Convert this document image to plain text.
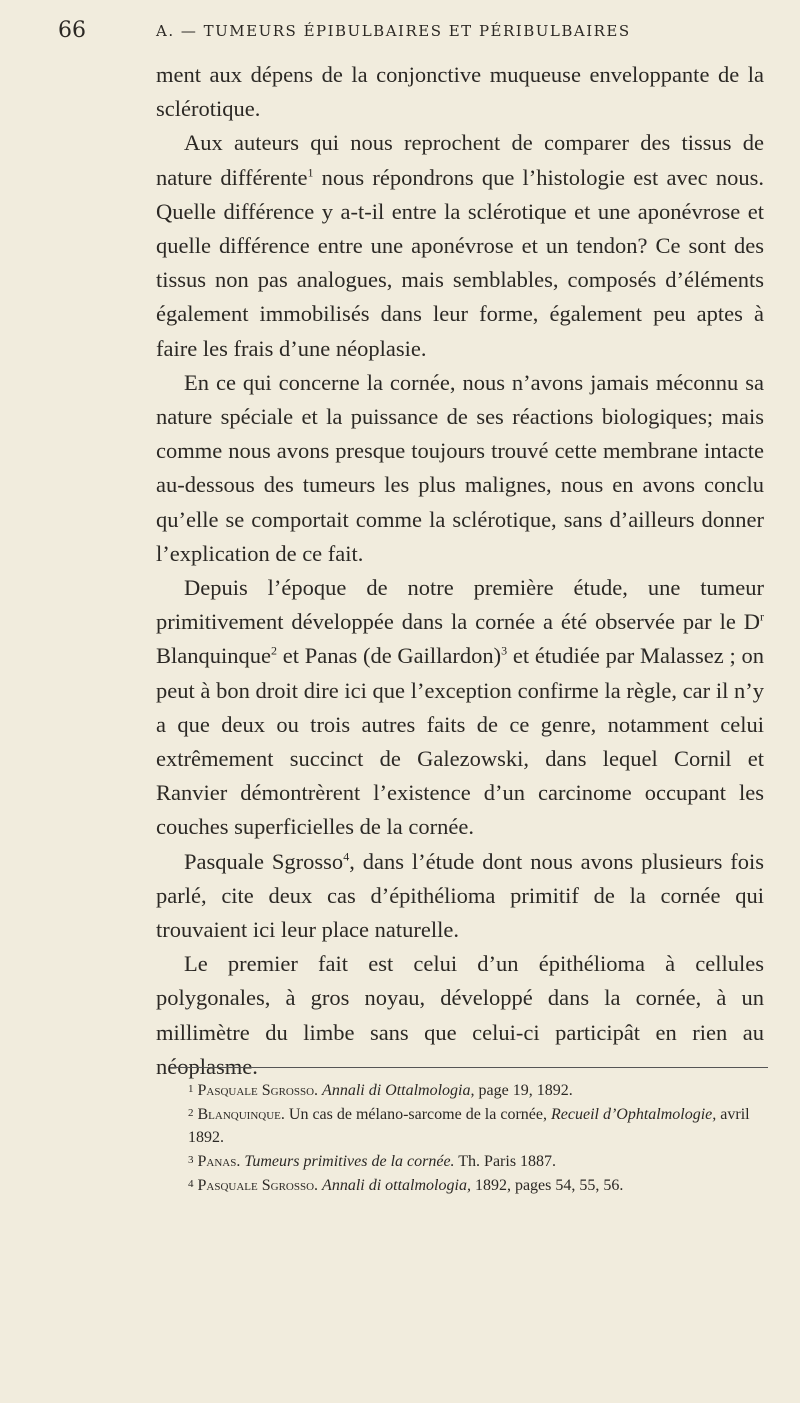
66	A. — TUMEURS ÉPIBULBAIRES ET PÉRIBULBAIRES

ment aux dépens de la conjonctive muqueuse enveloppante de la sclérotique.

Aux auteurs qui nous reprochent de comparer des tissus de nature différente$^1$ nous répondrons que l’histologie est avec nous. Quelle différence y a-t-il entre la sclérotique et une aponévrose et quelle différence entre une aponévrose et un tendon? Ce sont des tissus non pas analogues, mais semblables, composés d’éléments également immobilisés dans leur forme, également peu aptes à faire les frais d’une néoplasie.

En ce qui concerne la cornée, nous n’avons jamais méconnu sa nature spéciale et la puissance de ses réactions biologiques; mais comme nous avons presque toujours trouvé cette membrane intacte au-dessous des tumeurs les plus malignes, nous en avons conclu qu’elle se comportait comme la sclérotique, sans d’ailleurs donner l’explication de ce fait.

Depuis l’époque de notre première étude, une tumeur primitivement développée dans la cornée a été observée par le $D^r$ Blanquinque$^2$ et Panas (de Gaillardon)$^3$ et étudiée par Malassez ; on peut à bon droit dire ici que l’exception confirme la règle, car il n’y a que deux ou trois autres faits de ce genre, notamment celui extrêmement succinct de Galezowski, dans lequel Cornil et Ranvier démontrèrent l’existence d’un carcinome occupant les couches superficielles de la cornée.

Pasquale Sgrosso$^4$, dans l’étude dont nous avons plusieurs fois parlé, cite deux cas d’épithélioma primitif de la cornée qui trouvaient ici leur place naturelle.

Le premier fait est celui d’un épithélioma à cellules polygonales, à gros noyau, développé dans la cornée, à un millimètre du limbe sans que celui-ci participât en rien au néoplasme.

1 Pasquale Sgrosso. Annali di Ottalmologia, page 19, 1892.

2 Blanquinque. Un cas de mélano-sarcome de la cornée, Recueil d’Ophtalmologie, avril 1892.

3 Panas. Tumeurs primitives de la cornée. Th. Paris 1887.

4 Pasquale Sgrosso. Annali di ottalmologia, 1892, pages 54, 55, 56.
